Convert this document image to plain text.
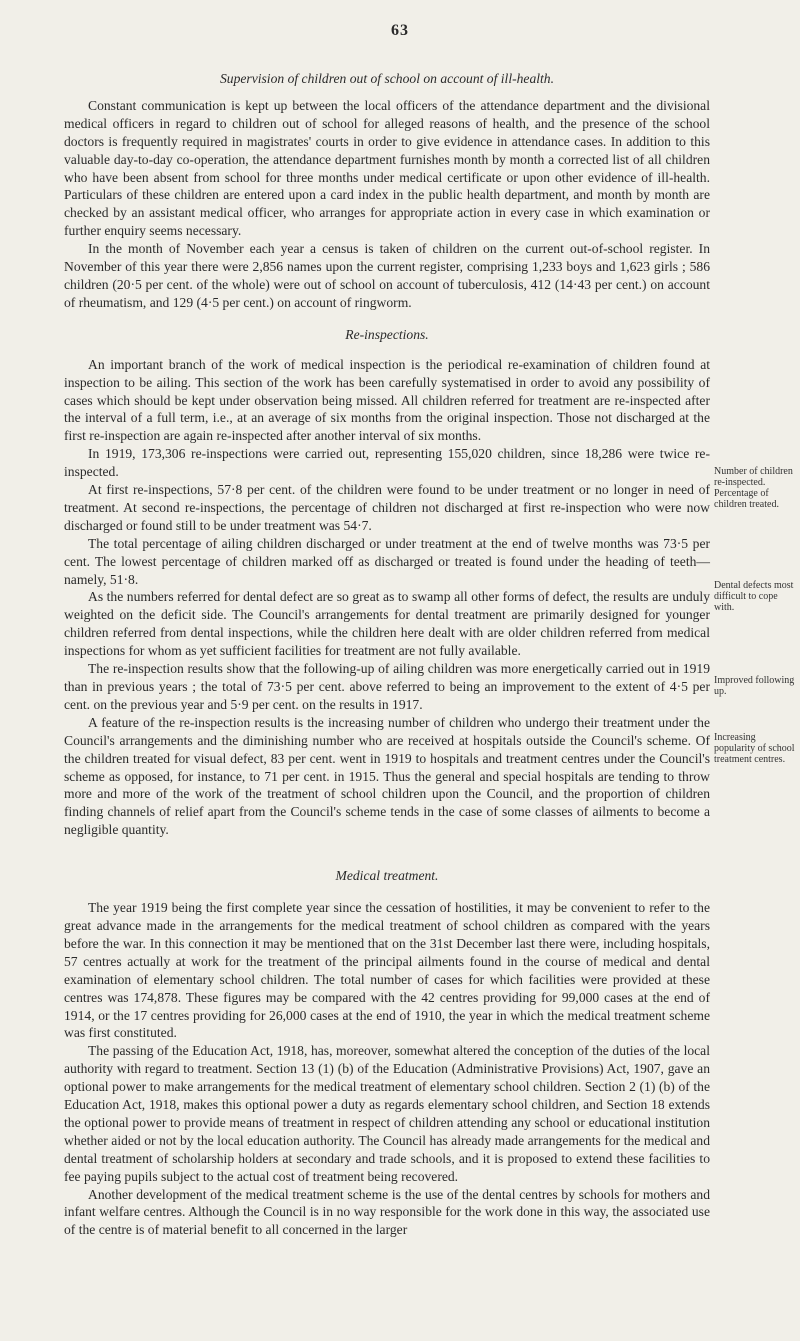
63

Supervision of children out of school on account of ill-health.

Constant communication is kept up between the local officers of the attendance department and the divisional medical officers in regard to children out of school for alleged reasons of health, and the presence of the school doctors is frequently required in magistrates' courts in order to give evidence in attendance cases. In addition to this valuable day-to-day co-operation, the attendance department furnishes month by month a corrected list of all children who have been absent from school for three months under medical certificate or upon other evidence of ill-health. Particulars of these children are entered upon a card index in the public health department, and month by month are checked by an assistant medical officer, who arranges for appropriate action in every case in which examination or further enquiry seems necessary.

In the month of November each year a census is taken of children on the current out-of-school register. In November of this year there were 2,856 names upon the current register, comprising 1,233 boys and 1,623 girls ; 586 children (20·5 per cent. of the whole) were out of school on account of tuberculosis, 412 (14·43 per cent.) on account of rheumatism, and 129 (4·5 per cent.) on account of ringworm.

Re-inspections.

An important branch of the work of medical inspection is the periodical re-examination of children found at inspection to be ailing. This section of the work has been carefully systematised in order to avoid any possibility of cases which should be kept under observation being missed. All children referred for treatment are re-inspected after the interval of a full term, i.e., at an average of six months from the original inspection. Those not discharged at the first re-inspection are again re-inspected after another interval of six months.

In 1919, 173,306 re-inspections were carried out, representing 155,020 children, since 18,286 were twice re-inspected.

At first re-inspections, 57·8 per cent. of the children were found to be under treatment or no longer in need of treatment. At second re-inspections, the percentage of children not discharged at first re-inspection who were now discharged or found still to be under treatment was 54·7.

The total percentage of ailing children discharged or under treatment at the end of twelve months was 73·5 per cent. The lowest percentage of children marked off as discharged or treated is found under the heading of teeth—namely, 51·8.

As the numbers referred for dental defect are so great as to swamp all other forms of defect, the results are unduly weighted on the deficit side. The Council's arrangements for dental treatment are primarily designed for younger children referred from dental inspections, while the children here dealt with are older children referred from medical inspections for whom as yet sufficient facilities for treatment are not fully available.

The re-inspection results show that the following-up of ailing children was more energetically carried out in 1919 than in previous years ; the total of 73·5 per cent. above referred to being an improvement to the extent of 4·5 per cent. on the previous year and 5·9 per cent. on the results in 1917.

A feature of the re-inspection results is the increasing number of children who undergo their treatment under the Council's arrangements and the diminishing number who are received at hospitals outside the Council's scheme. Of the children treated for visual defect, 83 per cent. went in 1919 to hospitals and treatment centres under the Council's scheme as opposed, for instance, to 71 per cent. in 1915. Thus the general and special hospitals are tending to throw more and more of the work of the treatment of school children upon the Council, and the proportion of children finding channels of relief apart from the Council's scheme tends in the case of some classes of ailments to become a negligible quantity.

Medical treatment.

The year 1919 being the first complete year since the cessation of hostilities, it may be convenient to refer to the great advance made in the arrangements for the medical treatment of school children as compared with the years before the war. In this connection it may be mentioned that on the 31st December last there were, including hospitals, 57 centres actually at work for the treatment of the principal ailments found in the course of medical and dental examination of elementary school children. The total number of cases for which facilities were provided at these centres was 174,878. These figures may be compared with the 42 centres providing for 99,000 cases at the end of 1914, or the 17 centres providing for 26,000 cases at the end of 1910, the year in which the medical treatment scheme was first constituted.

The passing of the Education Act, 1918, has, moreover, somewhat altered the conception of the duties of the local authority with regard to treatment. Section 13 (1) (b) of the Education (Administrative Provisions) Act, 1907, gave an optional power to make arrangements for the medical treatment of elementary school children. Section 2 (1) (b) of the Education Act, 1918, makes this optional power a duty as regards elementary school children, and Section 18 extends the optional power to provide means of treatment in respect of children attending any school or educational institution whether aided or not by the local education authority. The Council has already made arrangements for the medical and dental treatment of scholarship holders at secondary and trade schools, and it is proposed to extend these facilities to fee paying pupils subject to the actual cost of treatment being recovered.

Another development of the medical treatment scheme is the use of the dental centres by schools for mothers and infant welfare centres. Although the Council is in no way responsible for the work done in this way, the associated use of the centre is of material benefit to all concerned in the larger

Number of children re-inspected. Percentage of children treated.

Dental defects most difficult to cope with.

Improved following up.

Increasing popularity of school treatment centres.
